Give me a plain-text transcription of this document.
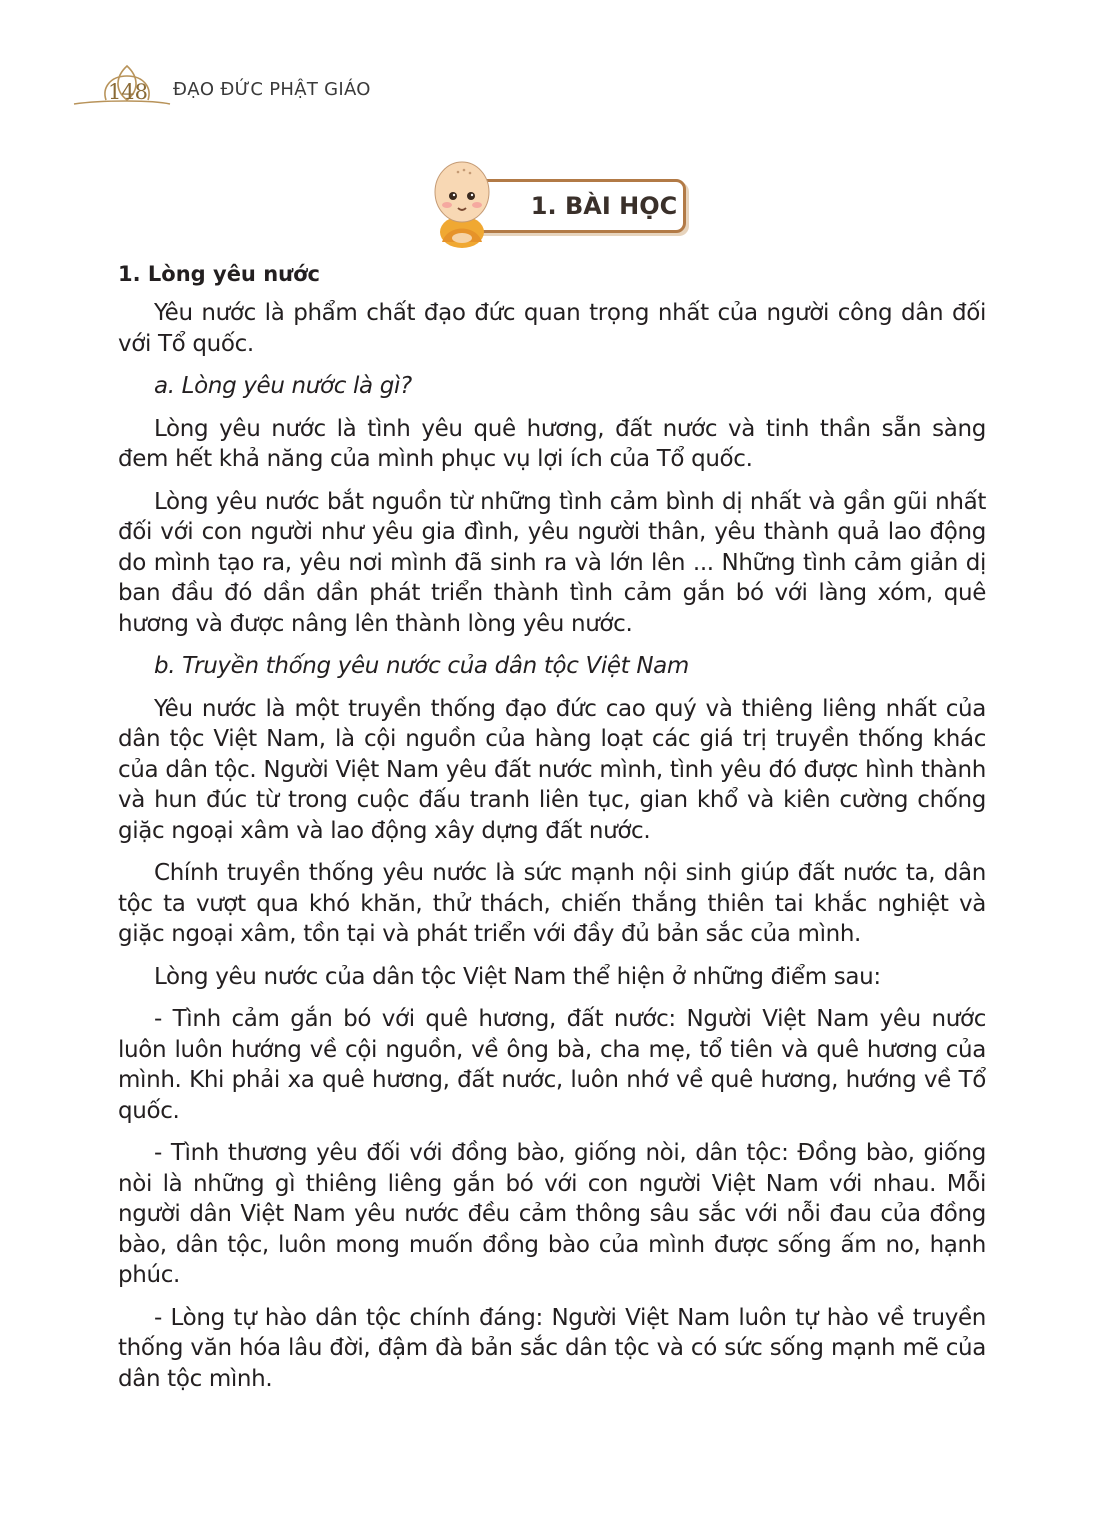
148	ĐẠO ĐỨC PHẬT GIÁO
1. BÀI HỌC
1. Lòng yêu nước

Yêu nước là phẩm chất đạo đức quan trọng nhất của người công dân đối với Tổ quốc.

a. Lòng yêu nước là gì?

Lòng yêu nước là tình yêu quê hương, đất nước và tinh thần sẵn sàng đem hết khả năng của mình phục vụ lợi ích của Tổ quốc.

Lòng yêu nước bắt nguồn từ những tình cảm bình dị nhất và gần gũi nhất đối với con người như yêu gia đình, yêu người thân, yêu thành quả lao động do mình tạo ra, yêu nơi mình đã sinh ra và lớn lên ... Những tình cảm giản dị ban đầu đó dần dần phát triển thành tình cảm gắn bó với làng xóm, quê hương và được nâng lên thành lòng yêu nước.

b. Truyền thống yêu nước của dân tộc Việt Nam

Yêu nước là một truyền thống đạo đức cao quý và thiêng liêng nhất của dân tộc Việt Nam, là cội nguồn của hàng loạt các giá trị truyền thống khác của dân tộc. Người Việt Nam yêu đất nước mình, tình yêu đó được hình thành và hun đúc từ trong cuộc đấu tranh liên tục, gian khổ và kiên cường chống giặc ngoại xâm và lao động xây dựng đất nước.

Chính truyền thống yêu nước là sức mạnh nội sinh giúp đất nước ta, dân tộc ta vượt qua khó khăn, thử thách, chiến thắng thiên tai khắc nghiệt và giặc ngoại xâm, tồn tại và phát triển với đầy đủ bản sắc của mình.

Lòng yêu nước của dân tộc Việt Nam thể hiện ở những điểm sau:

- Tình cảm gắn bó với quê hương, đất nước: Người Việt Nam yêu nước luôn luôn hướng về cội nguồn, về ông bà, cha mẹ, tổ tiên và quê hương của mình. Khi phải xa quê hương, đất nước, luôn nhớ về quê hương, hướng về Tổ quốc.

- Tình thương yêu đối với đồng bào, giống nòi, dân tộc: Đồng bào, giống nòi là những gì thiêng liêng gắn bó với con người Việt Nam với nhau. Mỗi người dân Việt Nam yêu nước đều cảm thông sâu sắc với nỗi đau của đồng bào, dân tộc, luôn mong muốn đồng bào của mình được sống ấm no, hạnh phúc.

- Lòng tự hào dân tộc chính đáng: Người Việt Nam luôn tự hào về truyền thống văn hóa lâu đời, đậm đà bản sắc dân tộc và có sức sống mạnh mẽ của dân tộc mình.
